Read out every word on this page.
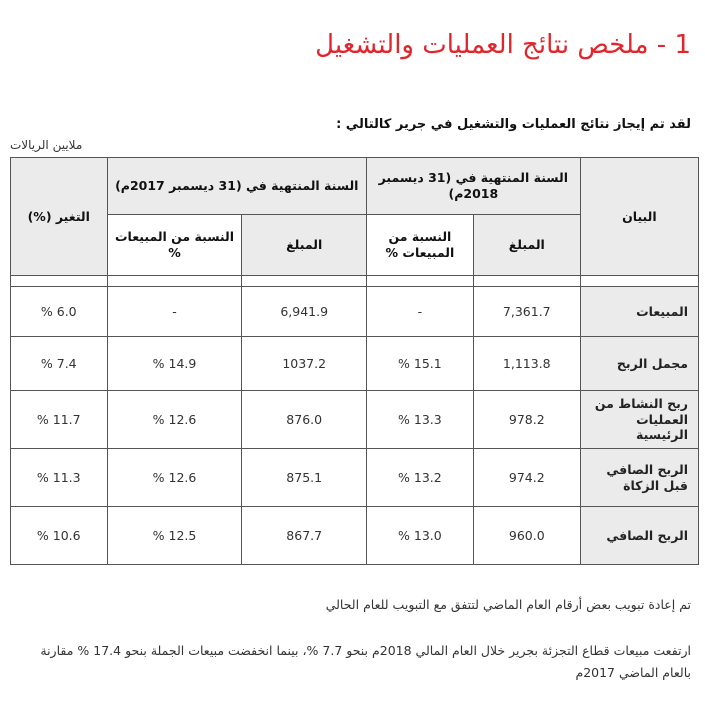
1 - ملخص نتائج العمليات والتشغيل

لقد تم إيجاز نتائج العمليات والتشغيل في جرير كالتالي :

ملايين الريالات

البيان	السنة المنتهية في (31 ديسمبر 2018م)		السنة المنتهية في (31 ديسمبر 2017م)		التغير (%)
	المبلغ	النسبة من المبيعات %	المبلغ	النسبة من المبيعات %	

المبيعات	7,361.7	-	6,941.9	-	% 6.0
مجمل الربح	1,113.8	% 15.1	1037.2	% 14.9	% 7.4
ربح النشاط من العمليات الرئيسية	978.2	% 13.3	876.0	% 12.6	% 11.7
الربح الصافي قبل الزكاة	974.2	% 13.2	875.1	% 12.6	% 11.3
الربح الصافي	960.0	% 13.0	867.7	% 12.5	% 10.6

تم إعادة تبويب بعض أرقام العام الماضي لتتفق مع التبويب للعام الحالي

ارتفعت مبيعات قطاع التجزئة بجرير خلال العام المالي 2018م بنحو 7.7 %، بينما انخفضت مبيعات الجملة بنحو 17.4 % مقارنة بالعام الماضي 2017م
